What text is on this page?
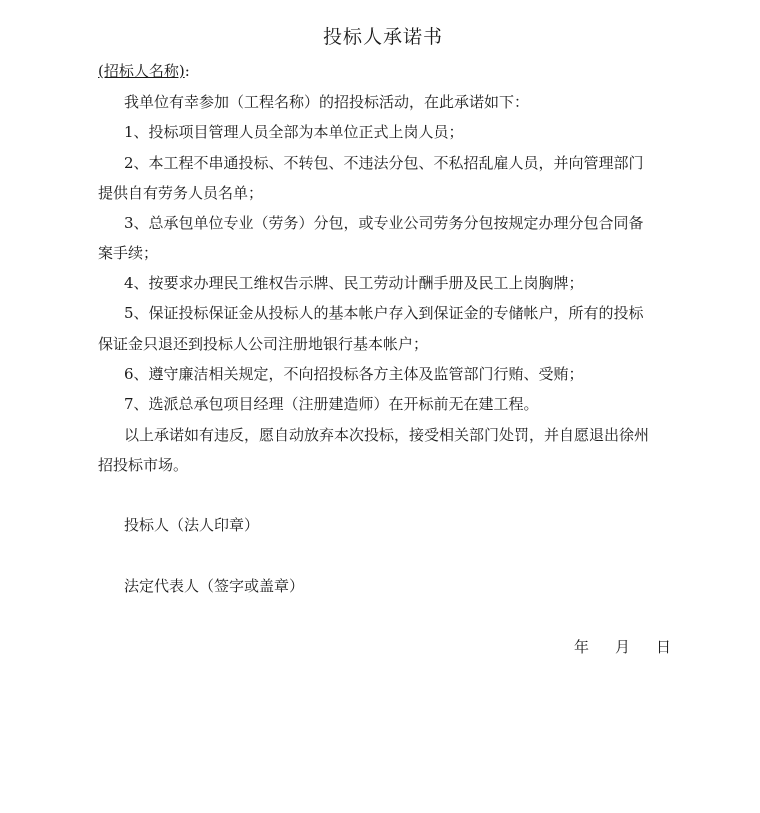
投标人承诺书
(招标人名称):
我单位有幸参加（工程名称）的招投标活动，在此承诺如下：
1、投标项目管理人员全部为本单位正式上岗人员；
2、本工程不串通投标、不转包、不违法分包、不私招乱雇人员，并向管理部门
提供自有劳务人员名单；
3、总承包单位专业（劳务）分包，或专业公司劳务分包按规定办理分包合同备
案手续；
4、按要求办理民工维权告示牌、民工劳动计酬手册及民工上岗胸牌；
5、保证投标保证金从投标人的基本帐户存入到保证金的专储帐户，所有的投标
保证金只退还到投标人公司注册地银行基本帐户；
6、遵守廉洁相关规定，不向招投标各方主体及监管部门行贿、受贿；
7、选派总承包项目经理（注册建造师）在开标前无在建工程。
以上承诺如有违反，愿自动放弃本次投标，接受相关部门处罚，并自愿退出徐州
招投标市场。
投标人（法人印章）
法定代表人（签字或盖章）
年 月 日
